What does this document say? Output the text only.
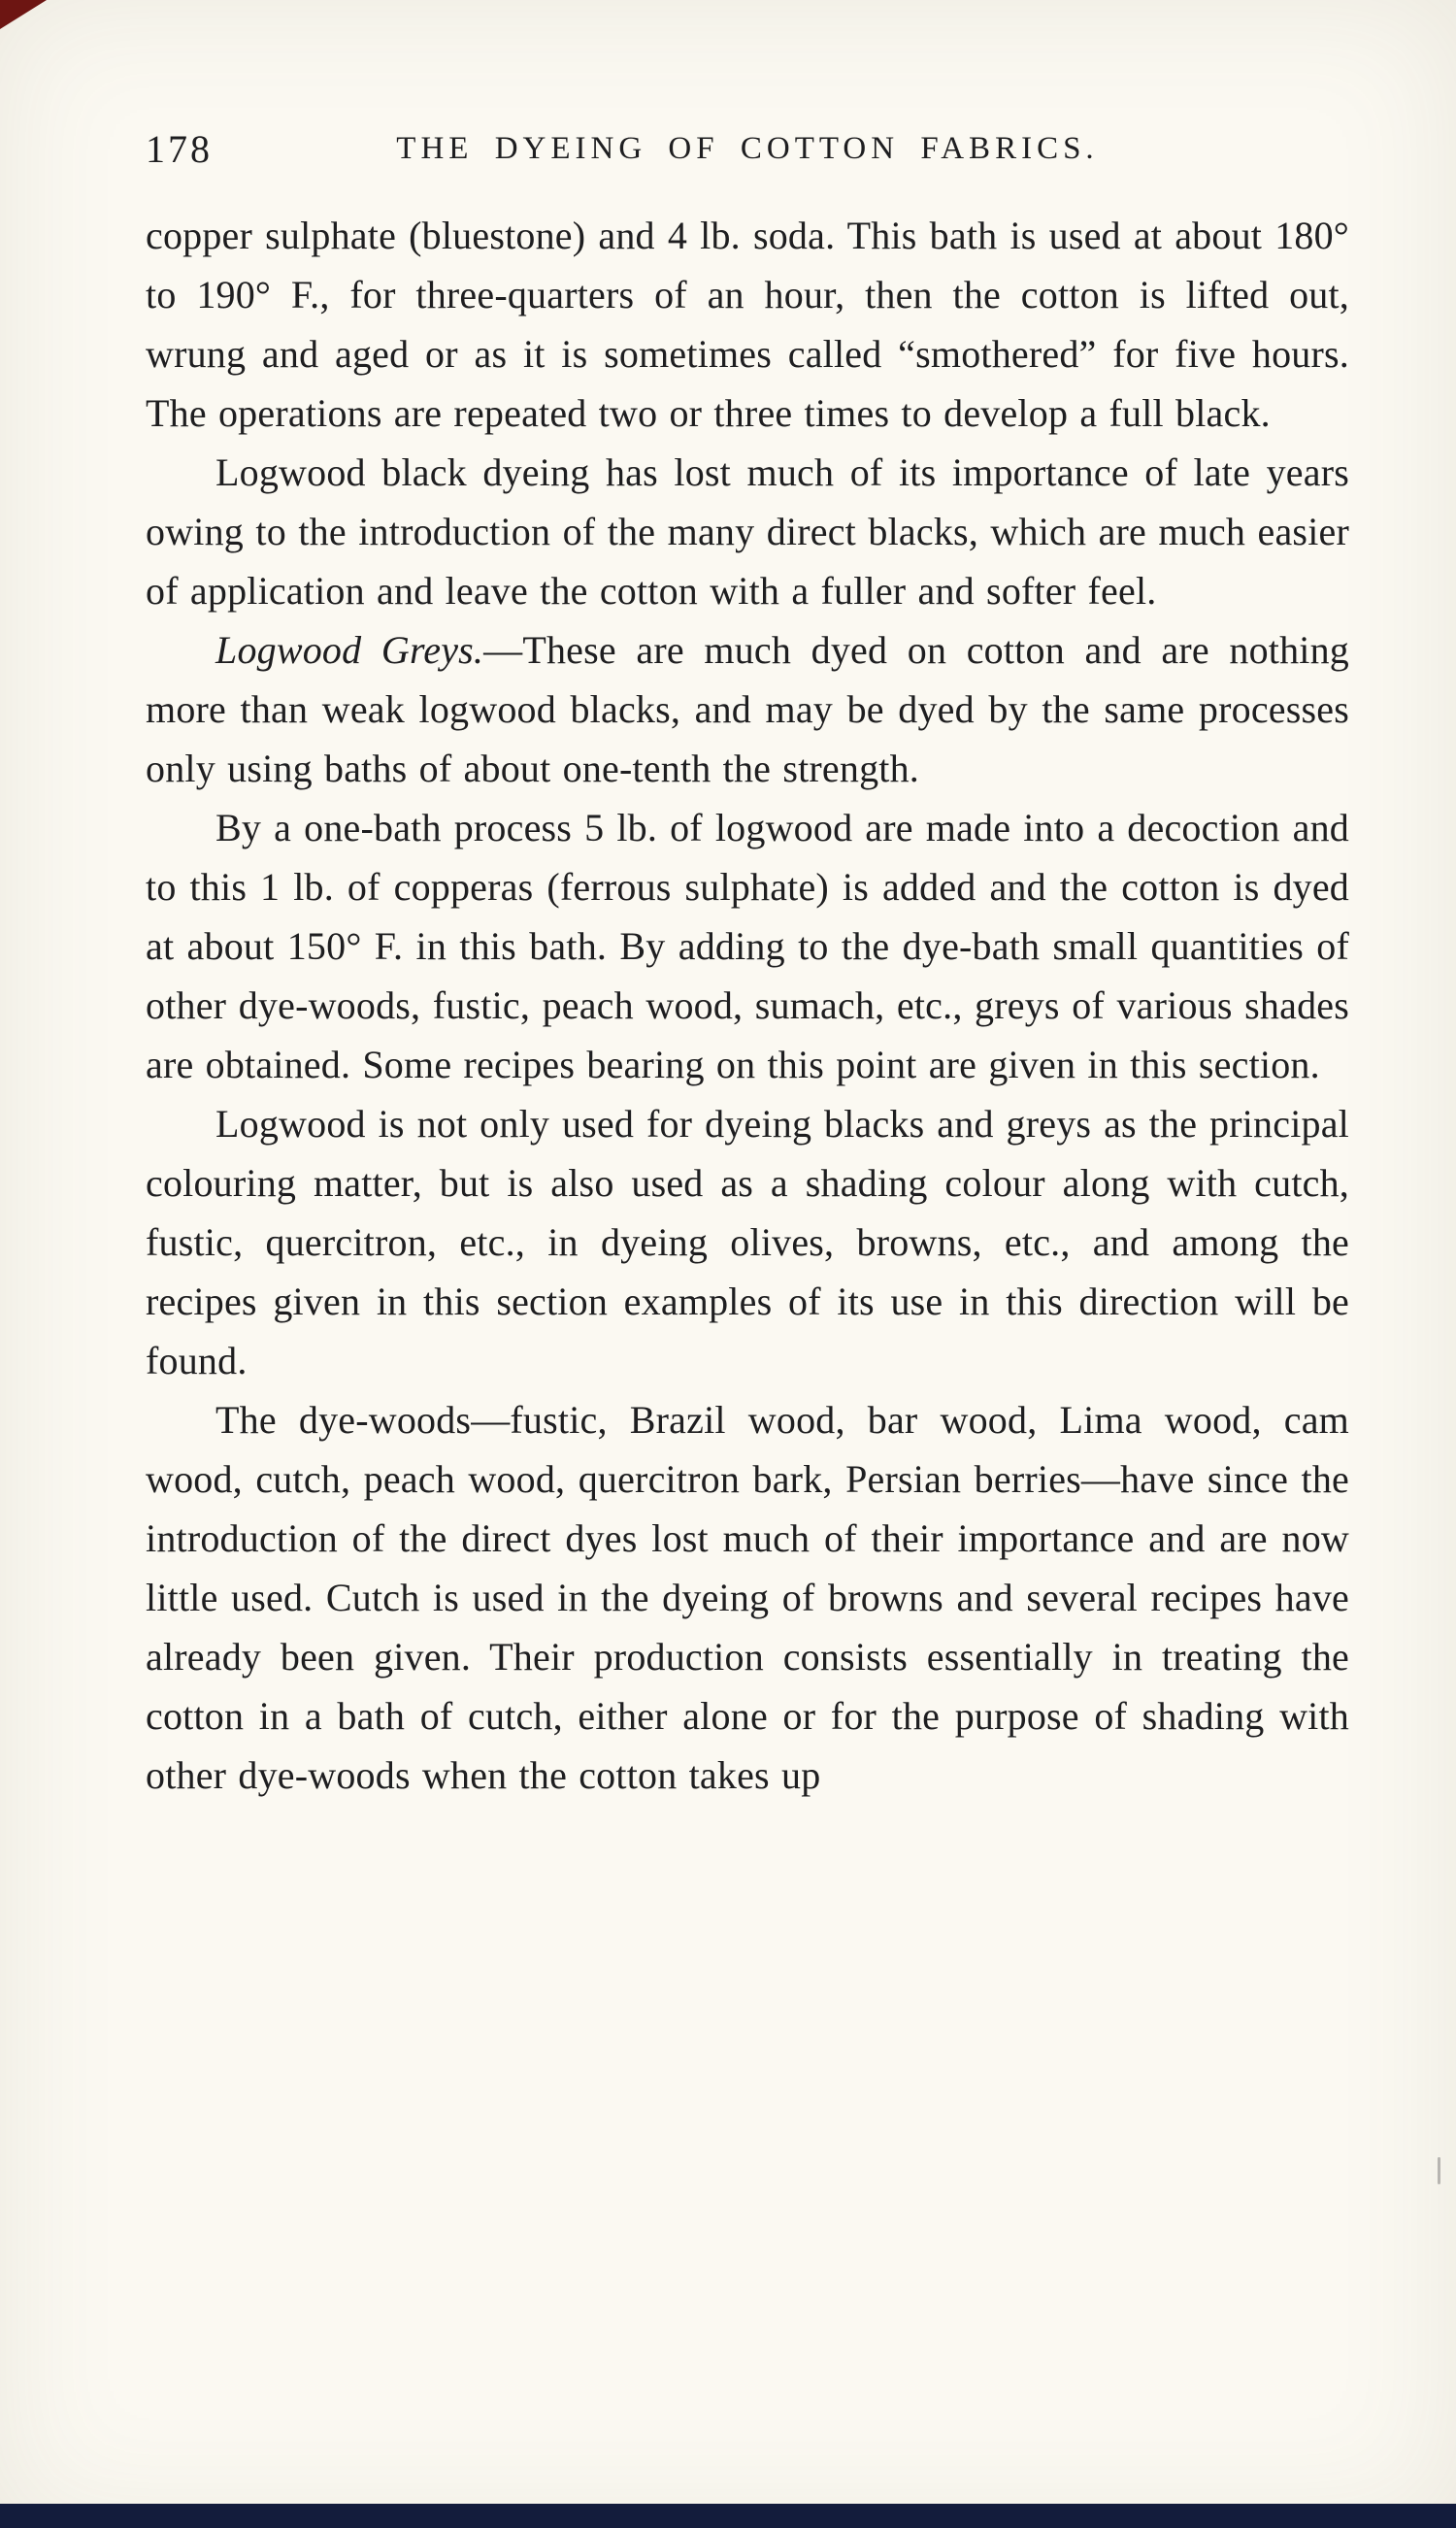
178	THE DYEING OF COTTON FABRICS.

copper sulphate (bluestone) and 4 lb. soda. This bath is used at about 180° to 190° F., for three-quarters of an hour, then the cotton is lifted out, wrung and aged or as it is sometimes called “smothered” for five hours. The operations are repeated two or three times to develop a full black.

Logwood black dyeing has lost much of its importance of late years owing to the introduction of the many direct blacks, which are much easier of application and leave the cotton with a fuller and softer feel.

Logwood Greys.—These are much dyed on cotton and are nothing more than weak logwood blacks, and may be dyed by the same processes only using baths of about one-tenth the strength.

By a one-bath process 5 lb. of logwood are made into a decoction and to this 1 lb. of copperas (ferrous sulphate) is added and the cotton is dyed at about 150° F. in this bath. By adding to the dye-bath small quantities of other dye-woods, fustic, peach wood, sumach, etc., greys of various shades are obtained. Some recipes bearing on this point are given in this section.

Logwood is not only used for dyeing blacks and greys as the principal colouring matter, but is also used as a shading colour along with cutch, fustic, quercitron, etc., in dyeing olives, browns, etc., and among the recipes given in this section examples of its use in this direction will be found.

The dye-woods—fustic, Brazil wood, bar wood, Lima wood, cam wood, cutch, peach wood, quercitron bark, Persian berries—have since the introduction of the direct dyes lost much of their importance and are now little used. Cutch is used in the dyeing of browns and several recipes have already been given. Their production consists essentially in treating the cotton in a bath of cutch, either alone or for the purpose of shading with other dye-woods when the cotton takes up
